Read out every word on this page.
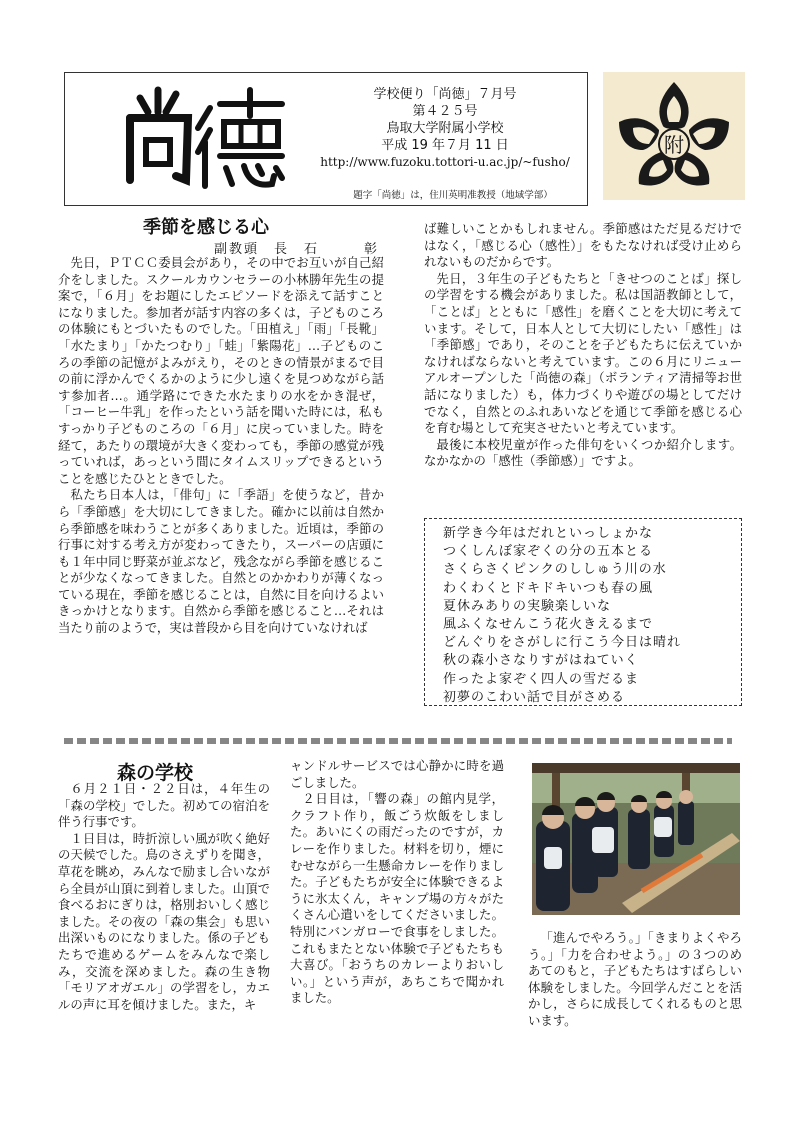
尚徳
学校便り「尚徳」７月号
第４２５号
鳥取大学附属小学校
平成 19 年７月 11 日
http://www.fuzoku.tottori-u.ac.jp/~fusho/
題字「尚徳」は，住川英明准教授（地域学部）
附
季節を感じる心
副教頭　長　石　　　彰

先日，ＰＴＣＣ委員会があり，その中でお互いが自己紹介をしました。スクールカウンセラーの小林勝年先生の提案で，「６月」をお題にしたエピソードを添えて話すことになりました。参加者が話す内容の多くは，子どものころの体験にもとづいたものでした。「田植え」「雨」「長靴」「水たまり」「かたつむり」「蛙」「紫陽花」…子どものころの季節の記憶がよみがえり，そのときの情景がまるで目の前に浮かんでくるかのように少し遠くを見つめながら話す参加者…。通学路にできた水たまりの水をかき混ぜ，「コーヒー牛乳」を作ったという話を聞いた時には，私もすっかり子どものころの「６月」に戻っていました。時を経て，あたりの環境が大きく変わっても，季節の感覚が残っていれば，あっという間にタイムスリップできるということを感じたひとときでした。

私たち日本人は，「俳句」に「季語」を使うなど，昔から「季節感」を大切にしてきました。確かに以前は自然から季節感を味わうことが多くありました。近頃は，季節の行事に対する考え方が変わってきたり，スーパーの店頭にも１年中同じ野菜が並ぶなど，残念ながら季節を感じることが少なくなってきました。自然とのかかわりが薄くなっている現在，季節を感じることは，自然に目を向けるよいきっかけとなります。自然から季節を感じること…それは当たり前のようで，実は普段から目を向けていなければ

ば難しいことかもしれません。季節感はただ見るだけではなく，「感じる心（感性）」をもたなければ受け止められないものだからです。

先日，３年生の子どもたちと「きせつのことば」探しの学習をする機会がありました。私は国語教師として，「ことば」とともに「感性」を磨くことを大切に考えています。そして，日本人として大切にしたい「感性」は「季節感」であり，そのことを子どもたちに伝えていかなければならないと考えています。この６月にリニューアルオープンした「尚徳の森」（ボランティア清掃等お世話になりました）も，体力づくりや遊びの場としてだけでなく，自然とのふれあいなどを通じて季節を感じる心を育む場として充実させたいと考えています。

最後に本校児童が作った俳句をいくつか紹介します。なかなかの「感性（季節感）」ですよ。

新学き今年はだれといっしょかな
つくしんぼ家ぞくの分の五本とる
さくらさくピンクのししゅう川の水
わくわくとドキドキいつも春の風
夏休みありの実験楽しいな
風ふくなせんこう花火きえるまで
どんぐりをさがしに行こう今日は晴れ
秋の森小さなりすがはねていく
作ったよ家ぞく四人の雪だるま
初夢のこわい話で目がさめる
森の学校

６月２１日・２２日は，４年生の「森の学校」でした。初めての宿泊を伴う行事です。

１日目は，時折涼しい風が吹く絶好の天候でした。鳥のさえずりを聞き，草花を眺め，みんなで励まし合いながら全員が山頂に到着しました。山頂で食べるおにぎりは，格別おいしく感じました。その夜の「森の集会」も思い出深いものになりました。係の子どもたちで進めるゲームをみんなで楽しみ，交流を深めました。森の生き物「モリアオガエル」の学習をし，カエルの声に耳を傾けました。また，キ

ャンドルサービスでは心静かに時を過ごしました。

２日目は，「響の森」の館内見学，クラフト作り，飯ごう炊飯をしました。あいにくの雨だったのですが，カレーを作りました。材料を切り，煙にむせながら一生懸命カレーを作りました。子どもたちが安全に体験できるように氷太くん，キャンプ場の方々がたくさん心遣いをしてくださいました。特別にバンガローで食事をしました。これもまたとない体験で子どもたちも大喜び。「おうちのカレーよりおいしい。」という声が，あちこちで聞かれました。

「進んでやろう。」「きまりよくやろう。」「力を合わせよう。」の３つのめあてのもと，子どもたちはすばらしい体験をしました。今回学んだことを活かし，さらに成長してくれるものと思います。
